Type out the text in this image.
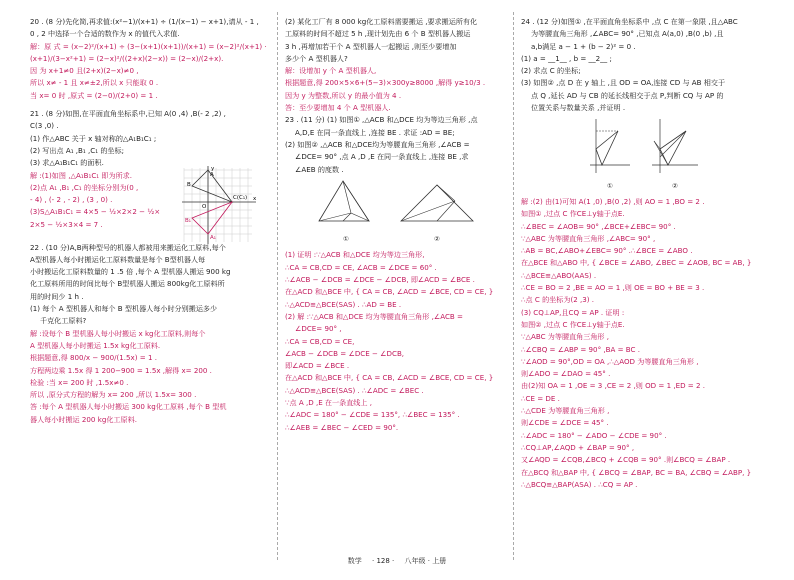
20 . (8 分)先化简,再求值:(x²−1)/(x+1) ÷ (1/(x−1) − x+1),请从 - 1 ,
0 , 2 中选择一个合适的数作为 x 的值代入求值.
解：原 式 = (x−2)²/(x+1) ÷ (3−(x+1)(x+1))/(x+1) = (x−2)²/(x+1) ·
(x+1)/(3−x²+1) = (2−x)²/((2+x)(2−x)) = (2−x)/(2+x).
因 为 x+1≠0 且(2+x)(2−x)≠0 ,
所以 x≠ - 1 且 x≠±2,所以 x 只能取 0 .
当 x= 0 时 ,原式 = (2−0)/(2+0) = 1 .
21 . (8 分)如图,在平面直角坐标系中,已知 A(0 ,4) ,B(- 2 ,2) ,
C(3 ,0) .
(1) 作△ABC 关于 x 轴对称的△A₁B₁C₁ ;
(2) 写出点 A₁ ,B₁ ,C₁ 的坐标;
(3) 求△A₁B₁C₁ 的面积.
解 :(1)如图 ,△A₁B₁C₁ 即为所求.
(2)点 A₁ ,B₁ ,C₁ 的坐标分别为(0 ,
- 4) , (- 2 , - 2) , (3 , 0) .
(3)S△A₁B₁C₁ = 4×5 − ½×2×2 − ½×
2×5 − ½×3×4 = 7 .
y
x
O
A
B
C(C₁)
A₁
B₁
22 . (10 分)A,B两种型号的机器人都被用来搬运化工原料,每个
A型机器人每小时搬运化工原料数量是每个 B型机器人每
小时搬运化工原料数量的 1 .5 倍 ,每个 A 型机器人搬运 900 kg
化工原料所用的时间比每个 B型机器人搬运 800kg化工原料所
用的时间少 1 h .
(1) 每个 A 型机器人和每个 B 型机器人每小时分别搬运多少
千克化工原料?
解 :设每个 B 型机器人每小时搬运 x kg化工原料,则每个
A 型机器人每小时搬运 1.5x kg化工原料.
根据题意,得 800/x − 900/(1.5x) = 1 .
方程两边乘 1.5x 得 1 200−900 = 1.5x ,解得 x= 200 .
检验 :当 x= 200 时 ,1.5x≠0 .
所以 ,原分式方程的解为 x= 200 ,所以 1.5x= 300 .
答 :每个 A 型机器人每小时搬运 300 kg化工原料 ,每个 B 型机
器人每小时搬运 200 kg化工原料.
(2) 某化工厂有 8 000 kg化工原料需要搬运 ,要求搬运所有化
工原料的时间不超过 5 h ,现计划先由 6 个 B 型机器人搬运
3 h ,再增加若干个 A 型机器人一起搬运 ,则至少要增加
多少个 A 型机器人?
解：设增加 y 个 A 型机器人,
根据题意,得 200×5×6+(5−3)×300y≥8000 ,解得 y≥10/3 .
因为 y 为整数,所以 y 的最小值为 4 .
答：至少要增加 4 个 A 型机器人.
23 . (11 分) (1) 如图① ,△ACB 和△DCE 均为等边三角形 ,点
A,D,E 在同一条直线上 ,连接 BE . 求证 :AD = BE;
(2) 如图② ,△ACB 和△DCE均为等腰直角三角形 ,∠ACB =
∠DCE= 90° ,点 A ,D ,E 在同一条直线上 ,连接 BE ,求
∠AEB 的度数 .
①	②
(1) 证明 :∵△ACB 和△DCE 均为等边三角形,
∴CA = CB,CD = CE, ∠ACB = ∠DCE = 60° .
∴∠ACB − ∠DCB = ∠DCE − ∠DCB, 即∠ACD = ∠BCE .
在△ACD 和△BCE 中, { CA = CB, ∠ACD = ∠BCE, CD = CE, }
∴△ACD≌△BCE(SAS) . ∴AD = BE .
(2) 解 :∵△ACB 和△DCE 均为等腰直角三角形 ,∠ACB =
∠DCE= 90° ,
∴CA = CB,CD = CE,
∠ACB − ∠DCB = ∠DCE − ∠DCB,
即∠ACD = ∠BCE .
在△ACD 和△BCE 中, { CA = CB, ∠ACD = ∠BCE, CD = CE, }
∴△ACD≌△BCE(SAS) . ∴∠ADC = ∠BEC .
∵点 A ,D ,E 在一条直线上 ,
∴∠ADC = 180° − ∠CDE = 135°, ∴∠BEC = 135° .
∴∠AEB = ∠BEC − ∠CED = 90°.
24 . (12 分)如图① ,在平面直角坐标系中 ,点 C 在第一象限 ,且△ABC
为等腰直角三角形 ,∠ABC= 90° ,已知点 A(a,0) ,B(0 ,b) ,且
a,b满足 a − 1 + (b − 2)² = 0 .
(1) a = __1__ , b = __2__ ;
(2) 求点 C 的坐标;
(3) 如图② ,点 D 在 y 轴上 ,且 OD = OA,连接 CD 与 AB 相交于
点 Q ,延长 AD 与 CB 的延长线相交于点 P,判断 CQ 与 AP 的
位置关系与数量关系 ,并证明 .
①	②
解 :(2) 由(1)可知 A(1 ,0) ,B(0 ,2) ,则 AO = 1 ,BO = 2 .
如图① ,过点 C 作CE⊥y轴于点E.
∴∠BEC = ∠AOB= 90° ,∠BCE+∠EBC= 90° .
∵△ABC 为等腰直角三角形 ,∠ABC= 90° ,
∴AB = BC,∠ABO+∠EBC= 90° .∴∠BCE = ∠ABO .
在△BCE 和△ABO 中, { ∠BCE = ∠ABO, ∠BEC = ∠AOB, BC = AB, }
∴△BCE≌△ABO(AAS) .
∴CE = BO = 2 ,BE = AO = 1 ,则 OE = BO + BE = 3 .
∴点 C 的坐标为(2 ,3) .
(3) CQ⊥AP,且CQ = AP . 证明 :
如图② ,过点 C 作CE⊥y轴于点E.
∵△ABC 为等腰直角三角形 ,
∴∠CBQ = ∠ABP = 90° ,BA = BC .
∵∠AOD = 90°,OD = OA ,∴△AOD 为等腰直角三角形 ,
则∠ADO = ∠DAO = 45° .
由(2)知 OA = 1 ,OE = 3 ,CE = 2 ,则 OD = 1 ,ED = 2 .
∴CE = DE .
∴△CDE 为等腰直角三角形 ,
则∠CDE = ∠DCE = 45° .
∴∠ADC = 180° − ∠ADO − ∠CDE = 90° .
∴CQ⊥AP,∠AQD + ∠BAP = 90° ,
又∠AQD = ∠CQB,∠BCQ + ∠CQB = 90° .则∠BCQ = ∠BAP .
在△BCQ 和△BAP 中, { ∠BCQ = ∠BAP, BC = BA, ∠CBQ = ∠ABP, }
∴△BCQ≌△BAP(ASA) . ∴CQ = AP .
数学 · 128 · 八年级 · 上册
